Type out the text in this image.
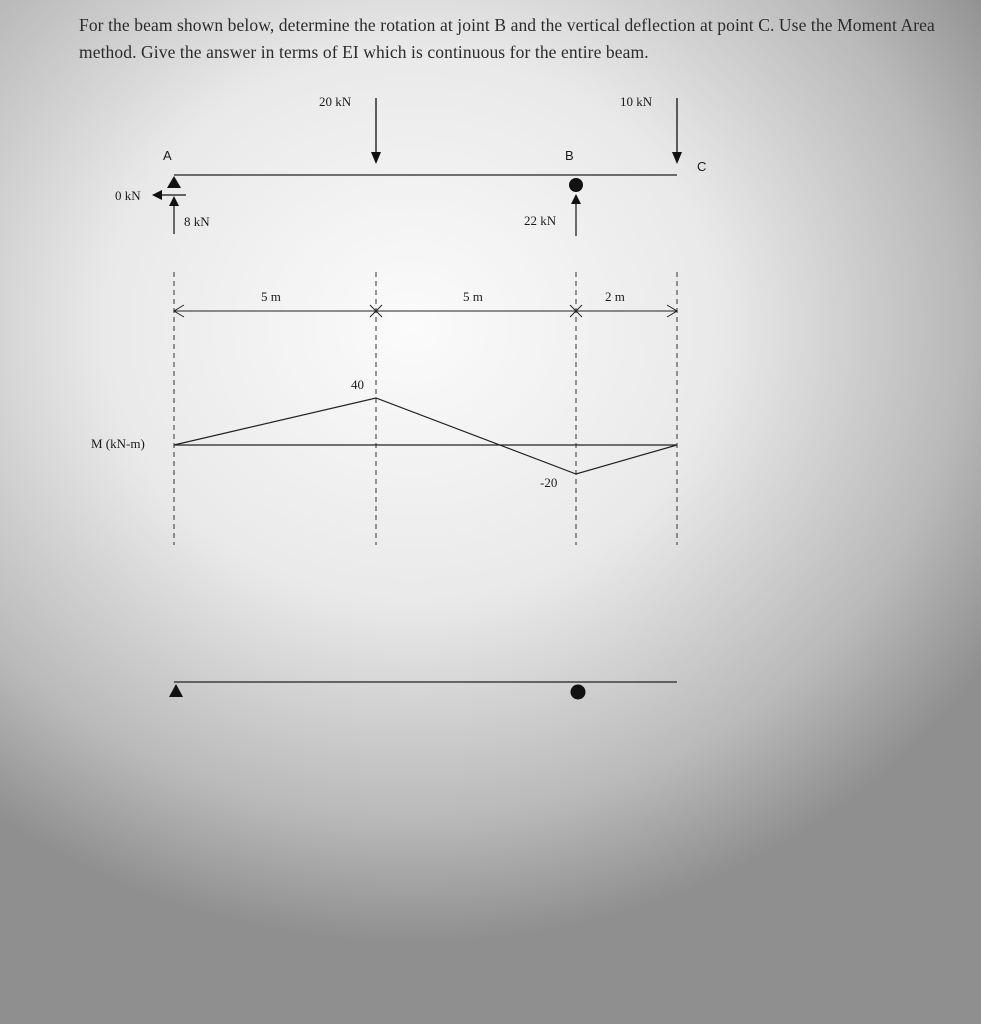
For the beam shown below, determine the rotation at joint B and the vertical deflection at point C. Use the Moment Area method. Give the answer in terms of EI which is continuous for the entire beam.

20 kN	10 kN
A	B
C
0 kN
8 kN	22 kN
5 m	5 m	2 m
M (kN-m)
40
-20
